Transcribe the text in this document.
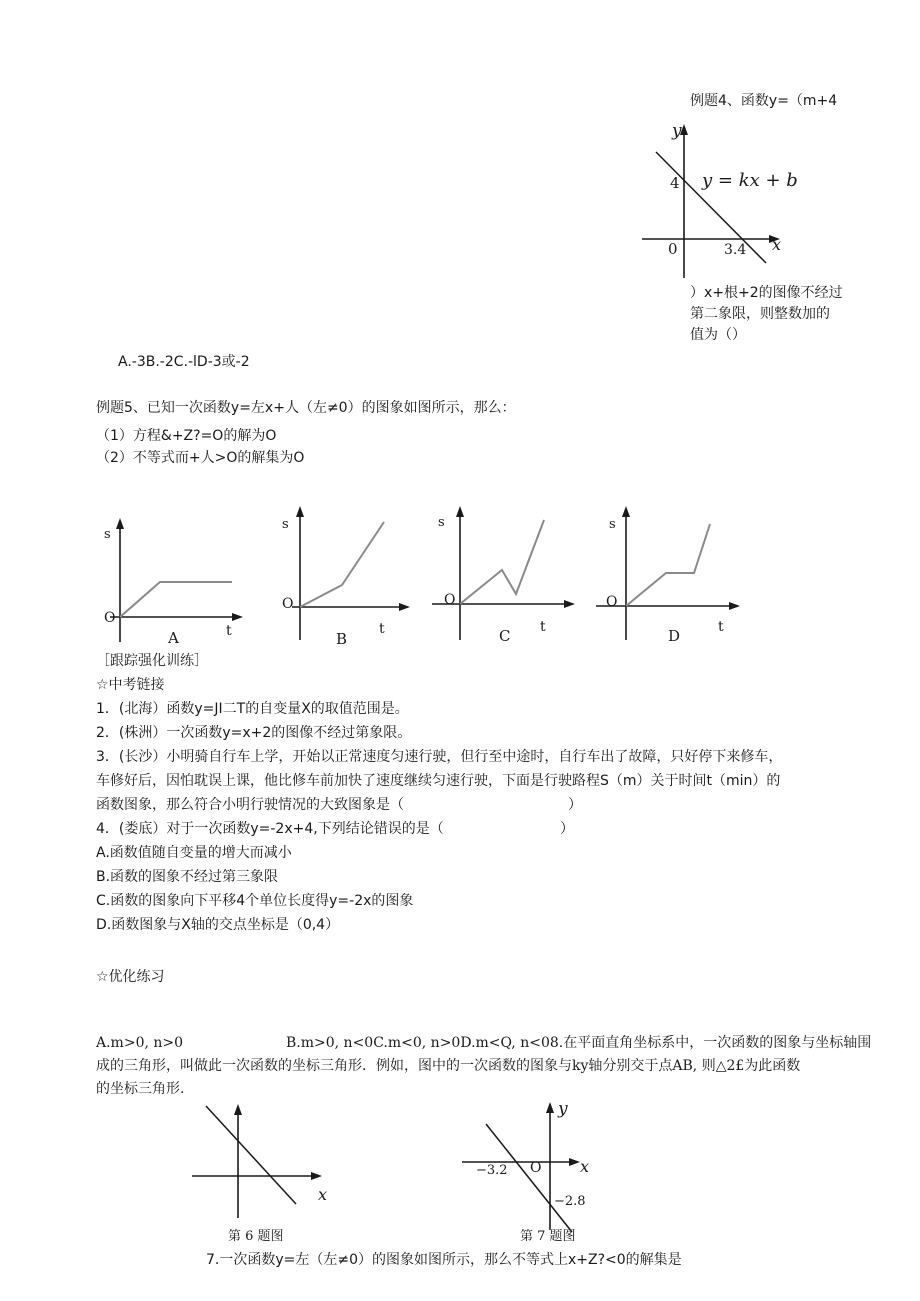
例题4、函数y=（m+4
y
x
0
4
3.4
y = kx + b
）x+根+2的图像不经过
第二象限，则整数加的
值为（）
A.-3B.-2C.-lD-3或-2
例题5、已知一次函数y=左x+人（左≠0）的图象如图所示，那么：
（1）方程&+Z?=O的解为O
（2）不等式而+人>O的解集为O
s
O
t
A
s
O
t
B
s
O
t
C
s
O
t
D
［跟踪强化训练］
☆中考链接
1．(北海）函数y=JI二T的自变量X的取值范围是。
2．(株洲）一次函数y=x+2的图像不经过第象限。
3．(长沙）小明骑自行车上学，开始以正常速度匀速行驶，但行至中途时，自行车出了故障，只好停下来修车，
车修好后，因怕耽误上课，他比修车前加快了速度继续匀速行驶，下面是行驶路程S（m）关于时间t（min）的
函数图象，那么符合小明行驶情况的大致图象是（	）
4．(娄底）对于一次函数y=-2x+4,下列结论错误的是（	）
A.函数值随自变量的增大而减小
B.函数的图象不经过第三象限
C.函数的图象向下平移4个单位长度得y=-2x的图象
D.函数图象与X轴的交点坐标是（0,4）
☆优化练习
A.m>0, n>0	B.m>0, n<0C.m<0, n>0D.m<Q, n<08.在平面直角坐标系中，一次函数的图象与坐标轴围
成的三角形，叫做此一次函数的坐标三角形．例如，图中的一次函数的图象与ky轴分别交于点AB, 则△2£为此函数
的坐标三角形.
x
第 6 题图
y
x
O
−3.2
−2.8
第 7 题图
7.一次函数y=左（左≠0）的图象如图所示，那么不等式上x+Z?<0的解集是
